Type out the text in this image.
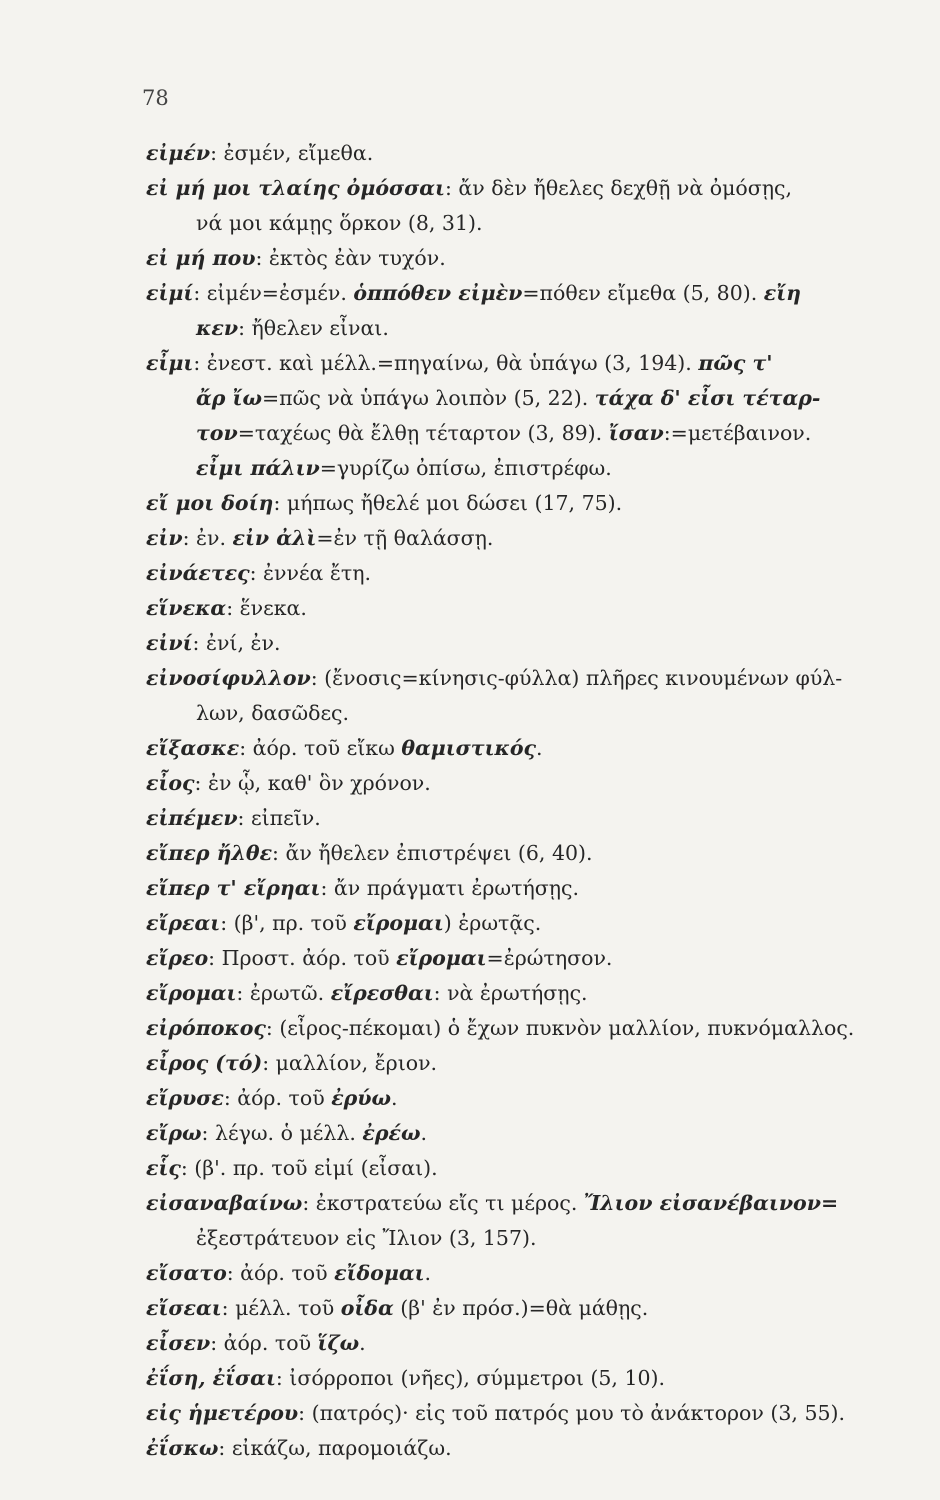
78
εἰμέν: ἐσμέν, εἴμεθα.
εἰ μή μοι τλαίης ὀμόσσαι: ἄν δὲν ἤθελες δεχθῇ νὰ ὀμόσῃς,
νά μοι κάμῃς ὅρκον (8, 31).
εἰ μή που: ἐκτὸς ἐὰν τυχόν.
εἰμί: εἰμέν=ἐσμέν. ὁππόθεν εἰμὲν=πόθεν εἴμεθα (5, 80). εἴη
κεν: ἤθελεν εἶναι.
εἶμι: ἐνεστ. καὶ μέλλ.=πηγαίνω, θὰ ὑπάγω (3, 194). πῶς τ'
ἄρ ἴω=πῶς νὰ ὑπάγω λοιπὸν (5, 22). τάχα δ' εἶσι τέταρ-
τον=ταχέως θὰ ἔλθῃ τέταρτον (3, 89). ἴσαν:=μετέβαινον.
εἶμι πάλιν=γυρίζω ὀπίσω, ἐπιστρέφω.
εἴ μοι δοίη: μήπως ἤθελέ μοι δώσει (17, 75).
εἰν: ἐν. εἰν ἀλὶ=ἐν τῇ θαλάσσῃ.
εἰνάετες: ἐννέα ἔτη.
εἵνεκα: ἕνεκα.
εἰνί: ἐνί, ἐν.
εἰνοσίφυλλον: (ἔνοσις=κίνησις-φύλλα) πλῆρες κινουμένων φύλ-
λων, δασῶδες.
εἴξασκε: ἀόρ. τοῦ εἴκω θαμιστικός.
εἶος: ἐν ᾧ, καθ' ὃν χρόνον.
εἰπέμεν: εἰπεῖν.
εἴπερ ἤλθε: ἄν ἤθελεν ἐπιστρέψει (6, 40).
εἴπερ τ' εἴρηαι: ἄν πράγματι ἐρωτήσῃς.
εἴρεαι: (β', πρ. τοῦ εἴρομαι) ἐρωτᾷς.
εἴρεο: Προστ. ἀόρ. τοῦ εἴρομαι=ἐρώτησον.
εἴρομαι: ἐρωτῶ. εἴρεσθαι: νὰ ἐρωτήσῃς.
εἰρόποκος: (εἶρος-πέκομαι) ὁ ἔχων πυκνὸν μαλλίον, πυκνόμαλλος.
εἶρος (τό): μαλλίον, ἔριον.
εἴρυσε: ἀόρ. τοῦ ἐρύω.
εἴρω: λέγω. ὁ μέλλ. ἐρέω.
εἷς: (β'. πρ. τοῦ εἰμί (εἶσαι).
εἰσαναβαίνω: ἐκστρατεύω εἴς τι μέρος. Ἴλιον εἰσανέβαινον=
ἐξεστράτευον εἰς Ἴλιον (3, 157).
εἴσατο: ἀόρ. τοῦ εἴδομαι.
εἴσεαι: μέλλ. τοῦ οἶδα (β' ἐν πρόσ.)=θὰ μάθῃς.
εἶσεν: ἀόρ. τοῦ ἵζω.
ἐΐση, ἐΐσαι: ἰσόρροποι (νῆες), σύμμετροι (5, 10).
εἰς ἡμετέρου: (πατρός)· εἰς τοῦ πατρός μου τὸ ἀνάκτορον (3, 55).
ἐΐσκω: εἰκάζω, παρομοιάζω.
